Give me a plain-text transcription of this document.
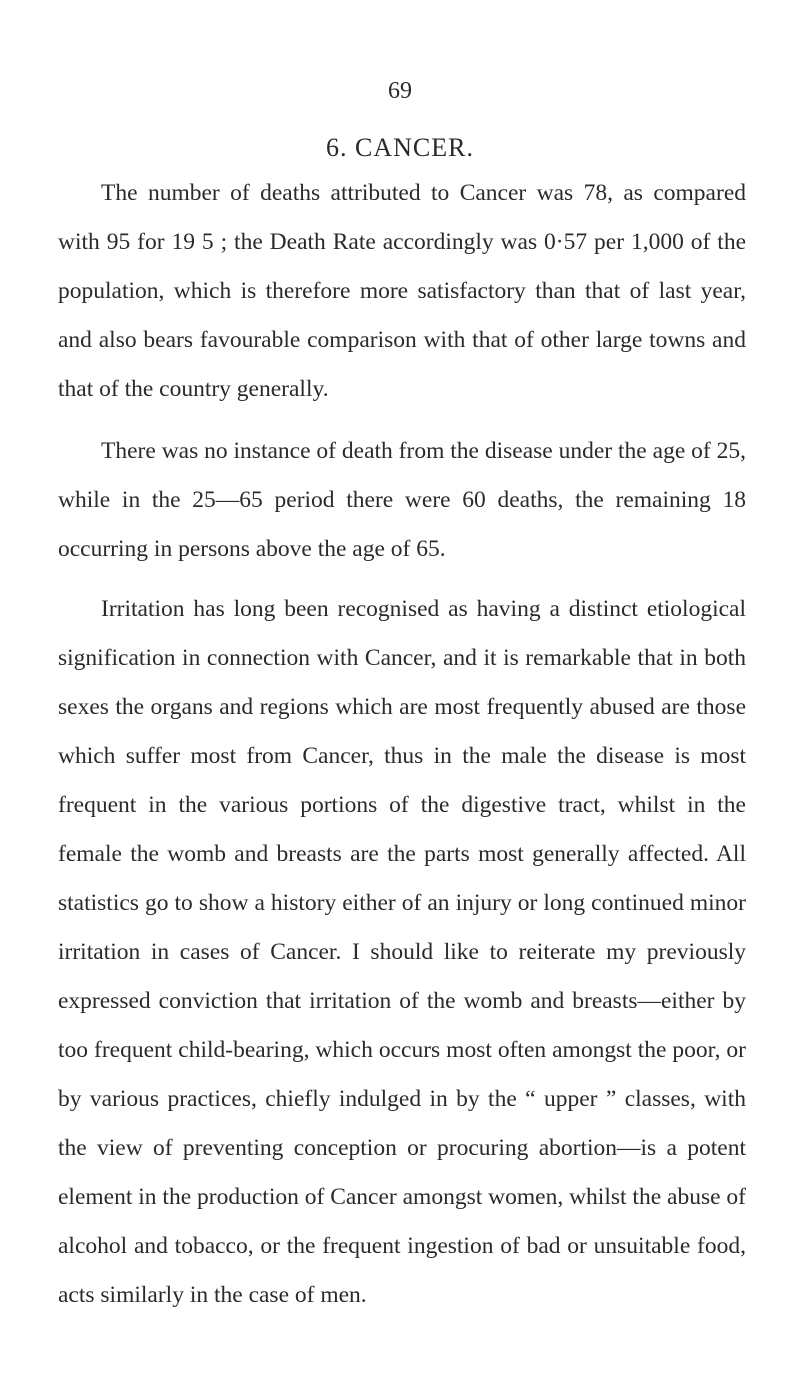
69
6. CANCER.

The number of deaths attributed to Cancer was 78, as compared with 95 for 19 5 ; the Death Rate accordingly was 0·57 per 1,000 of the population, which is therefore more satisfactory than that of last year, and also bears favourable comparison with that of other large towns and that of the country generally.

There was no instance of death from the disease under the age of 25, while in the 25—65 period there were 60 deaths, the remaining 18 occurring in persons above the age of 65.

Irritation has long been recognised as having a distinct etiological signification in connection with Cancer, and it is remarkable that in both sexes the organs and regions which are most frequently abused are those which suffer most from Cancer, thus in the male the disease is most frequent in the various portions of the digestive tract, whilst in the female the womb and breasts are the parts most generally affected. All statistics go to show a history either of an injury or long continued minor irritation in cases of Cancer. I should like to reiterate my previously expressed conviction that irritation of the womb and breasts—either by too frequent child-bearing, which occurs most often amongst the poor, or by various practices, chiefly indulged in by the “ upper ” classes, with the view of preventing conception or procuring abortion—is a potent element in the production of Cancer amongst women, whilst the abuse of alcohol and tobacco, or the frequent ingestion of bad or unsuitable food, acts similarly in the case of men.
